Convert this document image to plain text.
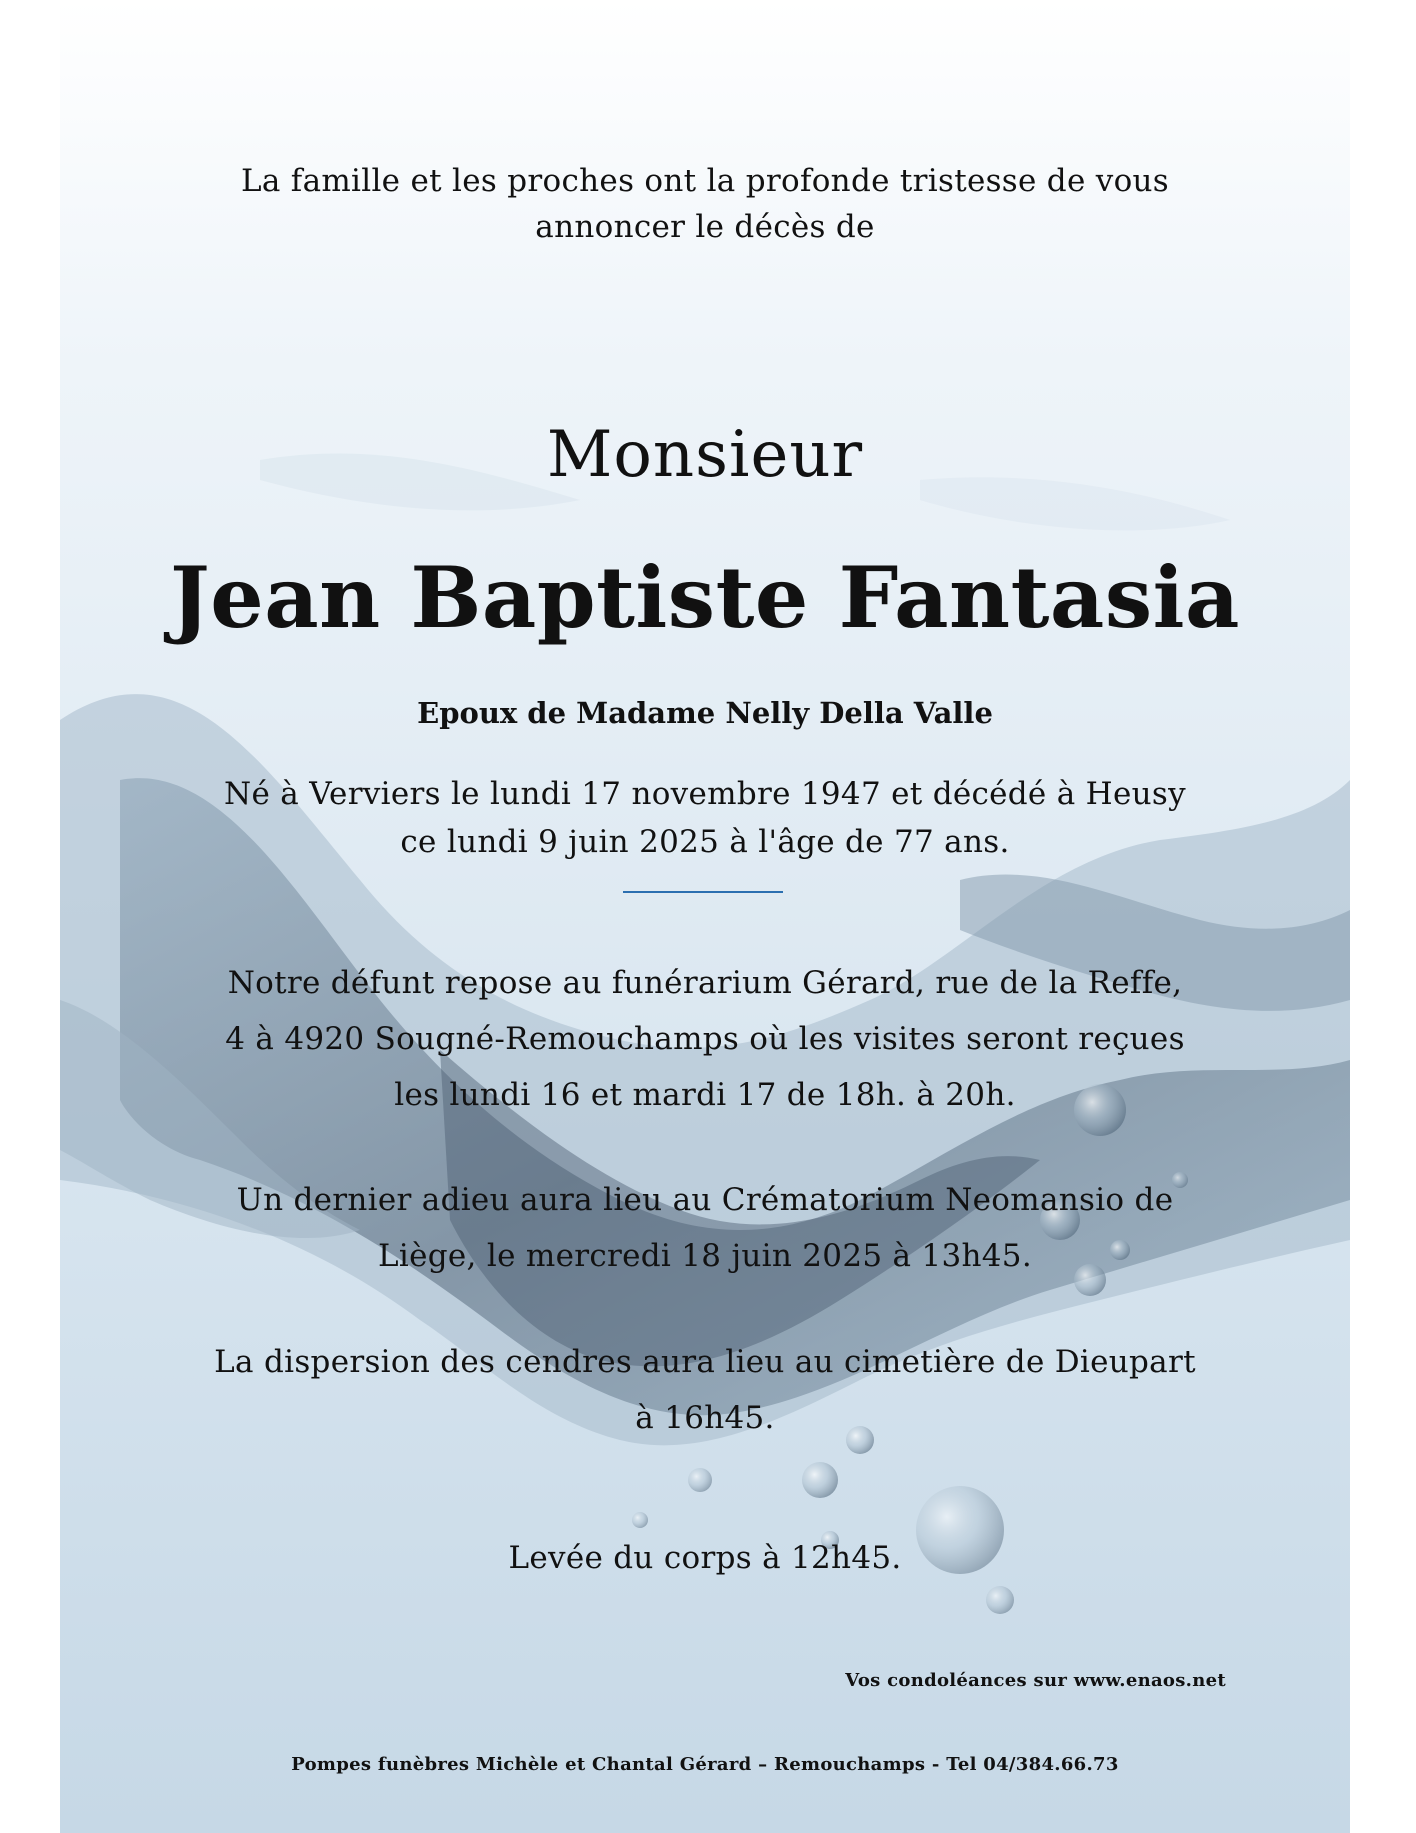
La famille et les proches ont la profonde tristesse de vous
annoncer le décès de
Monsieur
Jean Baptiste Fantasia
Epoux de Madame Nelly Della Valle
Né à Verviers le lundi 17 novembre 1947 et décédé à Heusy
ce lundi 9 juin 2025 à l'âge de 77 ans.
Notre défunt repose au funérarium Gérard, rue de la Reffe,
4 à 4920 Sougné-Remouchamps où les visites seront reçues
les lundi 16 et mardi 17 de 18h. à 20h.
Un dernier adieu aura lieu au Crématorium Neomansio de
Liège, le mercredi 18 juin 2025 à 13h45.
La dispersion des cendres aura lieu au cimetière de Dieupart
à 16h45.
Levée du corps à 12h45.
Vos condoléances sur www.enaos.net
Pompes funèbres Michèle et Chantal Gérard – Remouchamps - Tel 04/384.66.73
